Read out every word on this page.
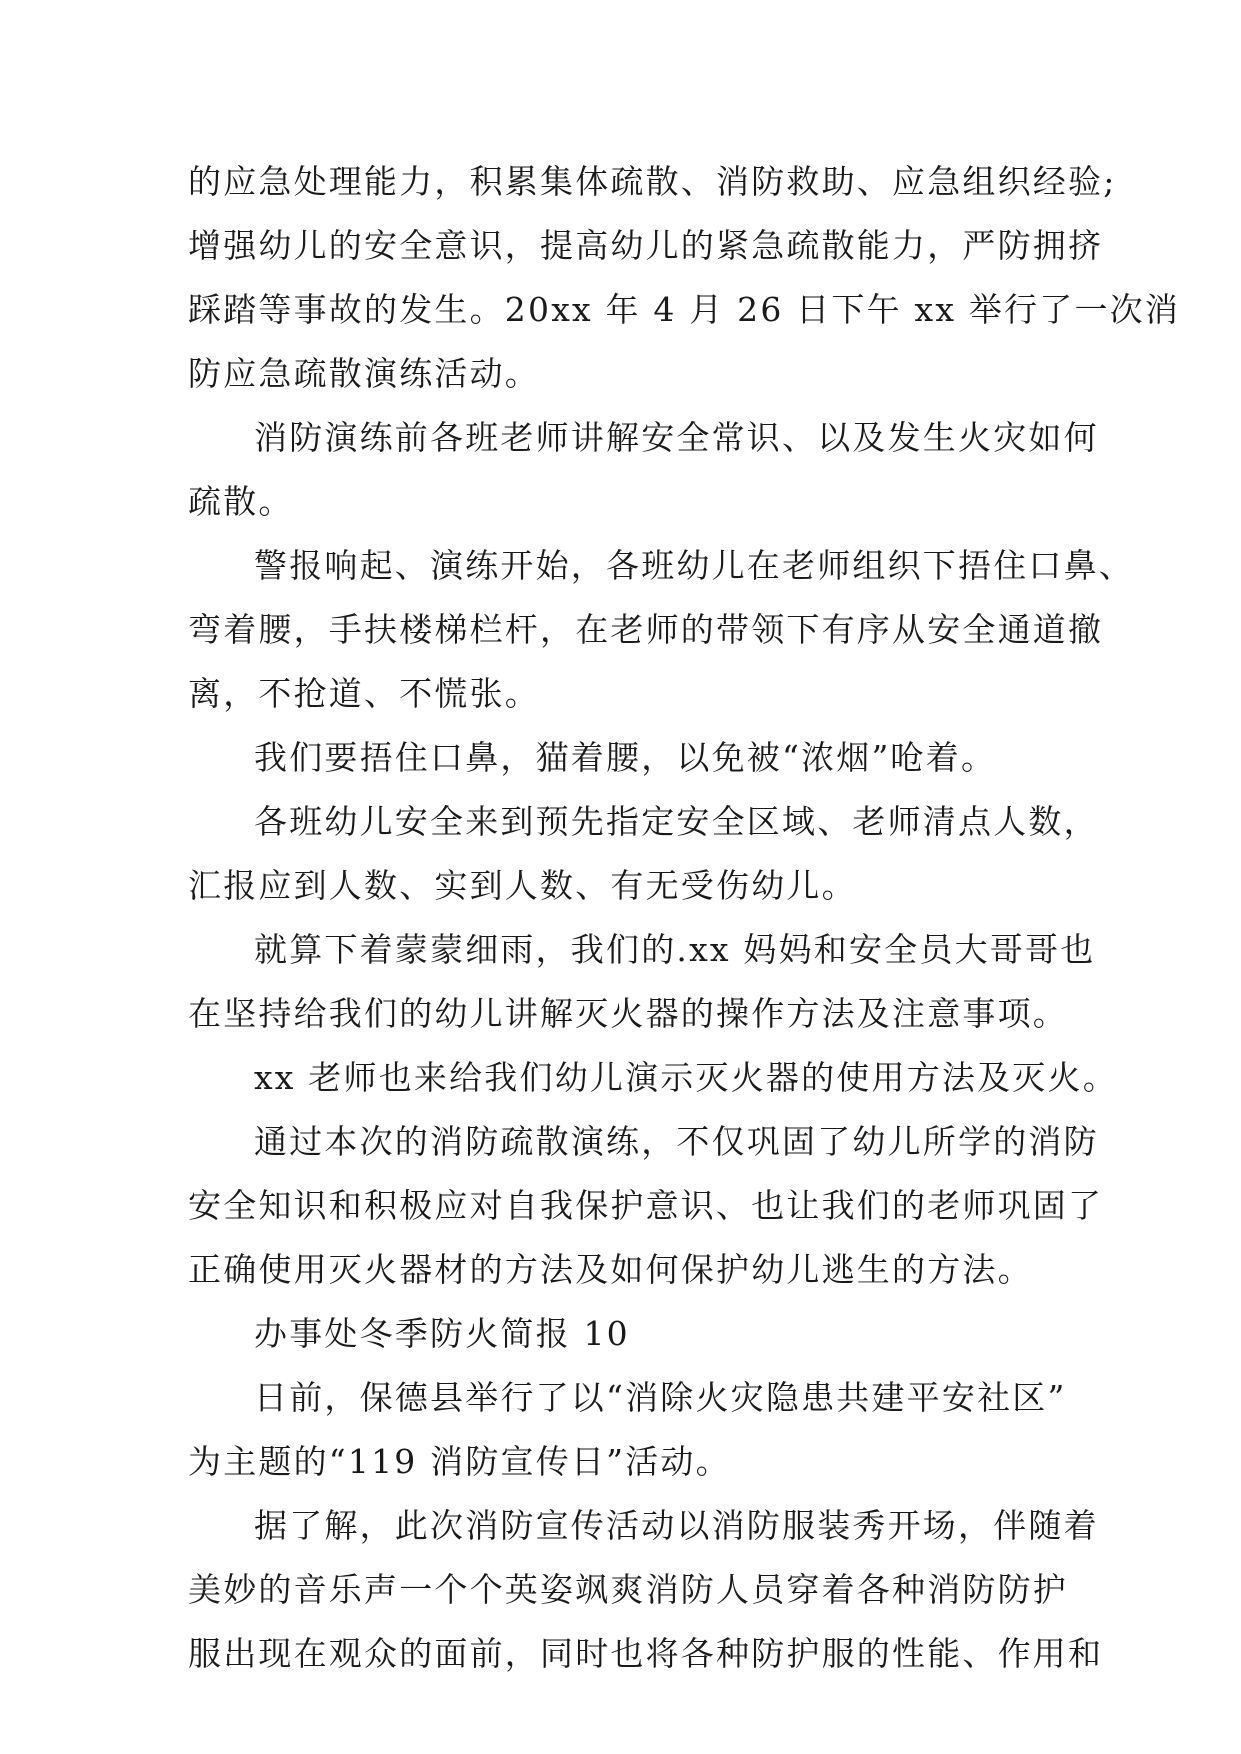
的应急处理能力，积累集体疏散、消防救助、应急组织经验;
增强幼儿的安全意识，提高幼儿的紧急疏散能力，严防拥挤
踩踏等事故的发生。20xx 年 4 月 26 日下午 xx 举行了一次消
防应急疏散演练活动。
消防演练前各班老师讲解安全常识、以及发生火灾如何
疏散。
警报响起、演练开始，各班幼儿在老师组织下捂住口鼻、
弯着腰，手扶楼梯栏杆，在老师的带领下有序从安全通道撤
离，不抢道、不慌张。
我们要捂住口鼻，猫着腰，以免被“浓烟”呛着。
各班幼儿安全来到预先指定安全区域、老师清点人数，
汇报应到人数、实到人数、有无受伤幼儿。
就算下着蒙蒙细雨，我们的.xx 妈妈和安全员大哥哥也
在坚持给我们的幼儿讲解灭火器的操作方法及注意事项。
xx 老师也来给我们幼儿演示灭火器的使用方法及灭火。
通过本次的消防疏散演练，不仅巩固了幼儿所学的消防
安全知识和积极应对自我保护意识、也让我们的老师巩固了
正确使用灭火器材的方法及如何保护幼儿逃生的方法。
办事处冬季防火简报 10
日前，保德县举行了以“消除火灾隐患共建平安社区”
为主题的“119 消防宣传日”活动。
据了解，此次消防宣传活动以消防服装秀开场，伴随着
美妙的音乐声一个个英姿飒爽消防人员穿着各种消防防护
服出现在观众的面前，同时也将各种防护服的性能、作用和
